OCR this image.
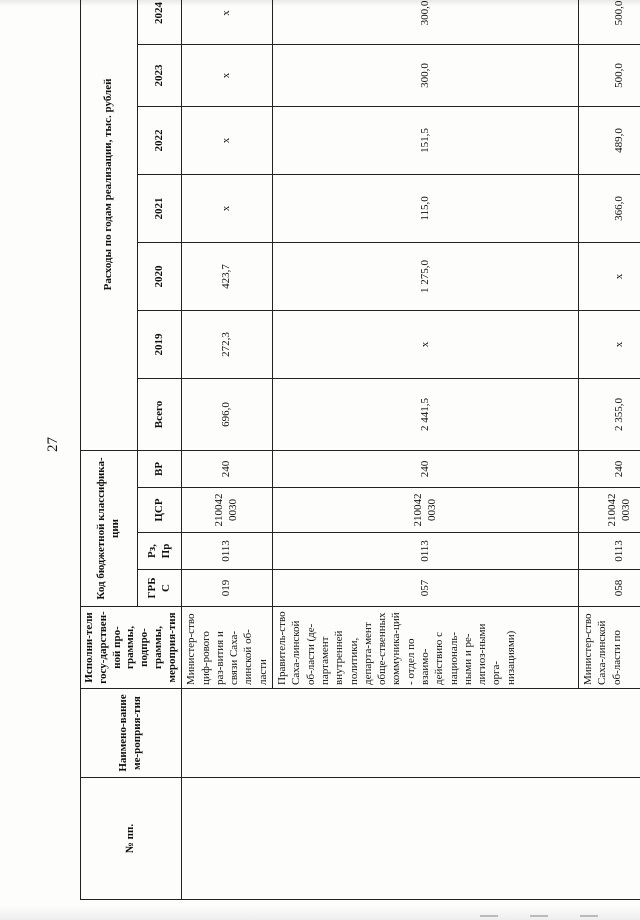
27
№ пп.	Наимено-вание ме-роприя-тия	Исполни-тели госу-дарствен-ной про-граммы, подпро-граммы, мероприя-тия	Код бюджетной классифика-ции				Расходы по годам реализации, тыс. рублей							
			ГРБ С	Рз, Пр	ЦСР	ВР	Всего	2019	2020	2021	2022	2023	2024	
		Министер-ство циф-рового раз-вития и связи Саха-линской об-ласти	019	0113	210042 0030	240	696,0	272,3	423,7	x	x	x	x	
		Правитель-ство Саха-линской об-ласти (де-партамент внутренней политики, департа-мент обще-ственных коммуника-ций - отдел по взаимо-действию с националь-ными и ре-лигиоз-ными орга-низациями)	057	0113	210042 0030	240	2 441,5	x	1 275,0	115,0	151,5	300,0	300,0	
		Министер-ство Саха-линской об-ласти по	058	0113	210042 0030	240	2 355,0	x	x	366,0	489,0	500,0	500,0	
